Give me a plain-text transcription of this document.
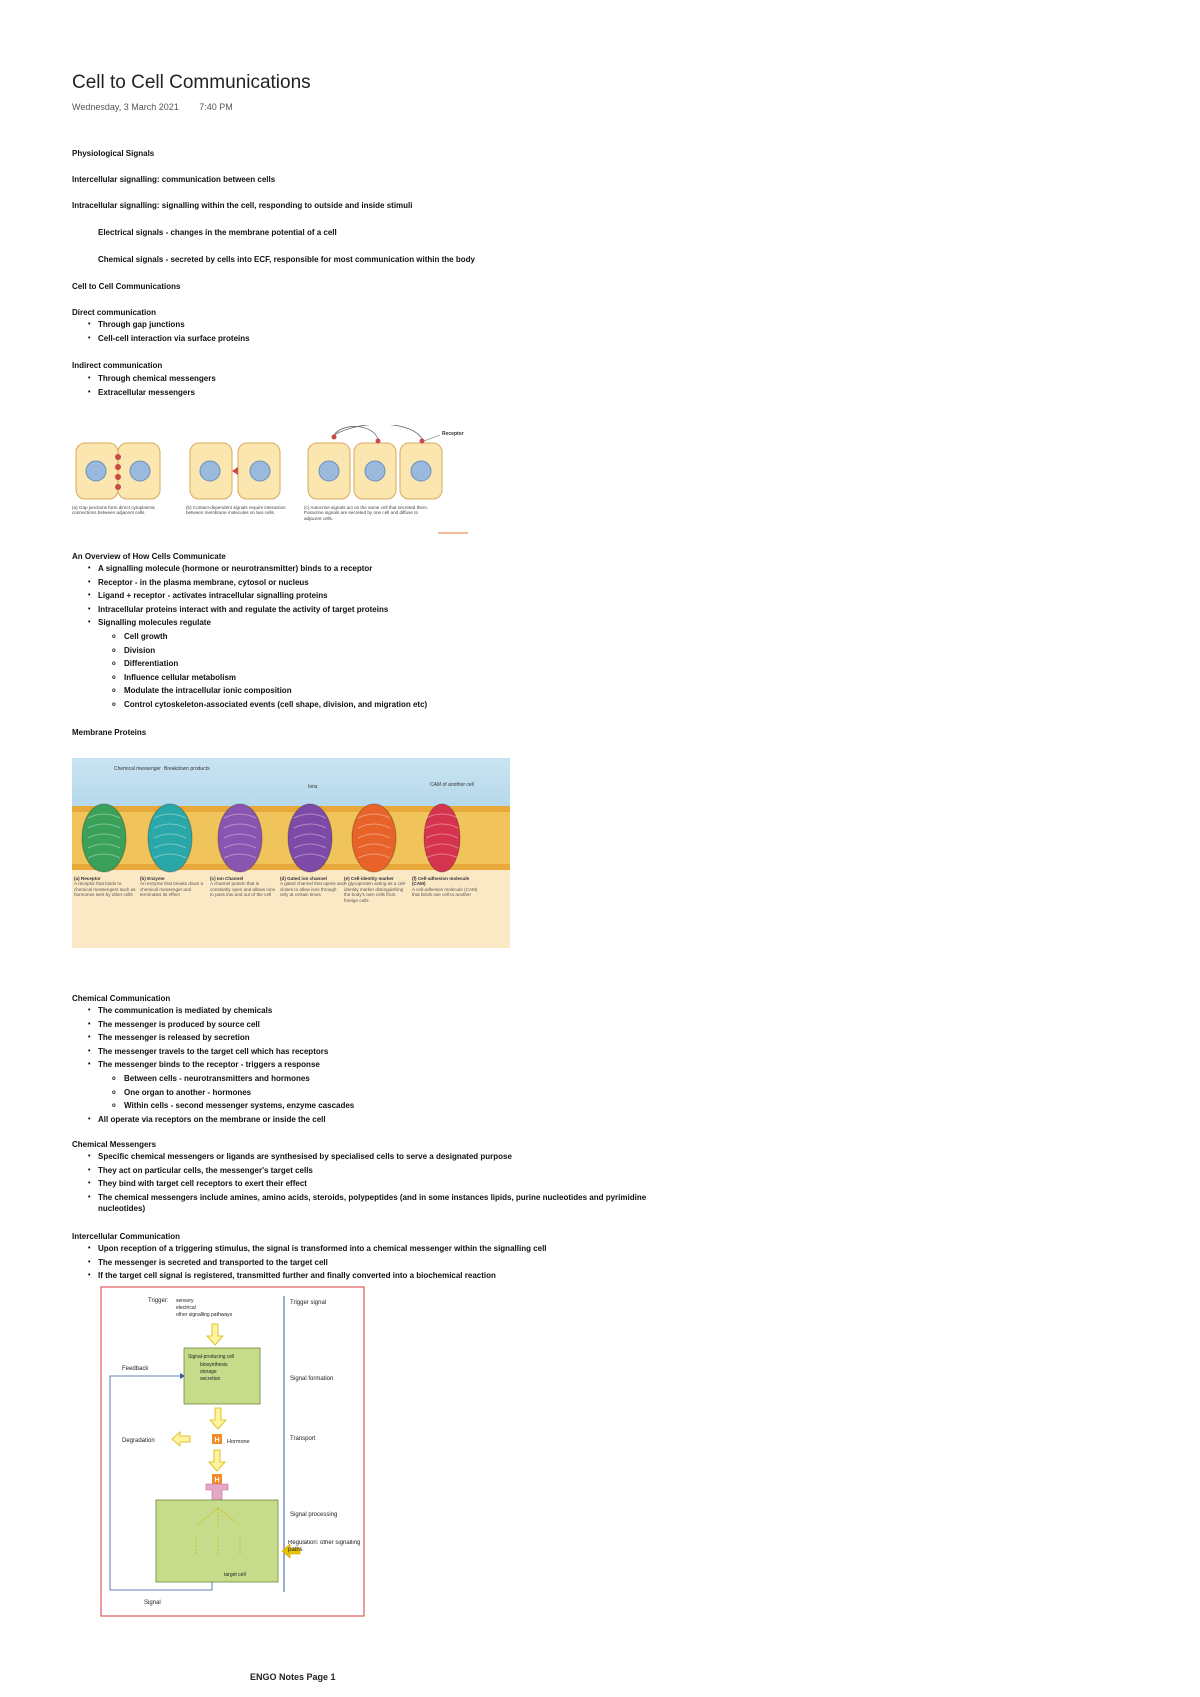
Cell to Cell Communications
Wednesday, 3 March 2021 7:40 PM
Physiological Signals
Intercellular signalling: communication between cells
Intracellular signalling: signalling within the cell, responding to outside and inside stimuli
Electrical signals - changes in the membrane potential of a cell
Chemical signals - secreted by cells into ECF, responsible for most communication within the body
Cell to Cell Communications
Direct communication
• Through gap junctions
• Cell-cell interaction via surface proteins
Indirect communication
• Through chemical messengers
• Extracellular messengers
Receptor
(a) Gap junctions form direct cytoplasmic connections between adjacent cells.
(b) Contact-dependent signals require interaction between membrane molecules on two cells.
(c) Autocrine signals act on the same cell that secreted them. Paracrine signals are secreted by one cell and diffuse to adjacent cells.
An Overview of How Cells Communicate
• A signalling molecule (hormone or neurotransmitter) binds to a receptor
• Receptor - in the plasma membrane, cytosol or nucleus
• Ligand + receptor - activates intracellular signalling proteins
• Intracellular proteins interact with and regulate the activity of target proteins
• Signalling molecules regulate
o Cell growth
o Division
o Differentiation
o Influence cellular metabolism
o Modulate the intracellular ionic composition
o Control cytoskeleton-associated events (cell shape, division, and migration etc)
Membrane Proteins
Chemical messenger Breakdown products
Ions	CAM of another cell
(a) Receptor
A receptor that binds to chemical messengers such as hormones sent by other cells
(b) Enzyme
An enzyme that breaks down a chemical messenger and terminates its effect
(c) Ion Channel
A channel protein that is constantly open and allows ions to pass into and out of the cell
(d) Gated ion channel
A gated channel that opens and closes to allow ions through only at certain times
(e) Cell-identity marker
A glycoprotein acting as a cell-identity marker distinguishing the body's own cells from foreign cells
(f) Cell-adhesion molecule (CAM)
A cell-adhesion molecule (CAM) that binds one cell to another
Chemical Communication
• The communication is mediated by chemicals
• The messenger is produced by source cell
• The messenger is released by secretion
• The messenger travels to the target cell which has receptors
• The messenger binds to the receptor - triggers a response
o Between cells - neurotransmitters and hormones
o One organ to another - hormones
o Within cells - second messenger systems, enzyme cascades
• All operate via receptors on the membrane or inside the cell
Chemical Messengers
• Specific chemical messengers or ligands are synthesised by specialised cells to serve a designated purpose
• They act on particular cells, the messenger's target cells
• They bind with target cell receptors to exert their effect
• The chemical messengers include amines, amino acids, steroids, polypeptides (and in some instances lipids, purine nucleotides and pyrimidine
nucleotides)
Intercellular Communication
• Upon reception of a triggering stimulus, the signal is transformed into a chemical messenger within the signalling cell
• The messenger is secreted and transported to the target cell
• If the target cell signal is registered, transmitted further and finally converted into a biochemical reaction
Trigger: sensory
electrical
other signalling pathways
Signal-producing cell
biosynthesis
storage
secretion
Feedback
Degradation	H Hormone
H
target cell
Signal
Trigger signal
Signal formation
Transport
Signal processing
Regulation: other signalling paths
ENGO Notes Page 1
